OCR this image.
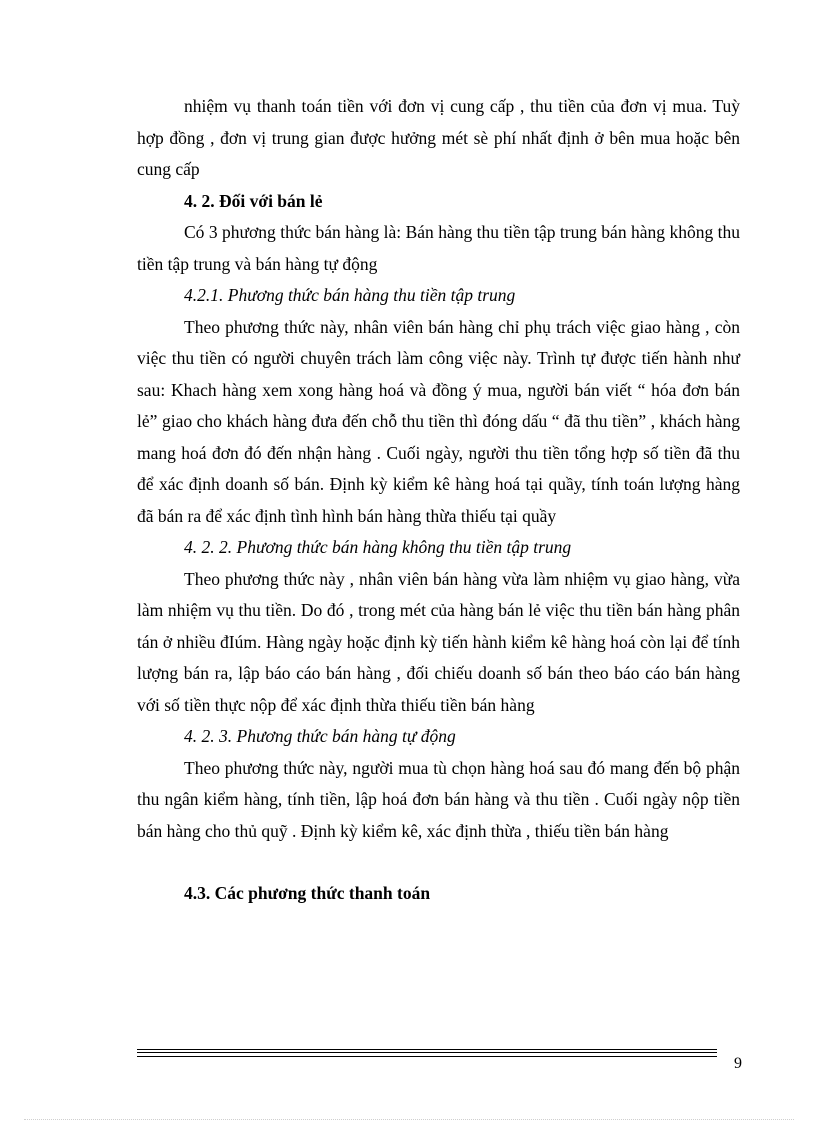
nhiệm vụ thanh toán tiền với đơn vị cung cấp , thu tiền của đơn vị mua. Tuỳ hợp đồng , đơn vị trung gian được hưởng mét sè phí nhất định ở bên mua hoặc bên cung cấp

4. 2. Đối với bán lẻ

Có 3 phương thức bán hàng là: Bán hàng thu tiền tập trung bán hàng không thu tiền tập trung và bán hàng tự động

4.2.1. Phương thức bán hàng thu tiền tập trung

Theo phương thức này, nhân viên bán hàng chỉ phụ trách việc giao hàng , còn việc thu tiền có người chuyên trách làm công việc này. Trình tự được tiến hành như sau: Khach hàng xem xong hàng hoá và đồng ý mua, người bán viết “ hóa đơn bán lẻ” giao cho khách hàng đưa đến chỗ thu tiền thì đóng dấu “ đã thu tiền” , khách hàng mang hoá đơn đó đến nhận hàng . Cuối ngày, người thu tiền tổng hợp số tiền đã thu để xác định doanh số bán. Định kỳ kiểm kê hàng hoá tại quầy, tính toán lượng hàng đã bán ra để xác định tình hình bán hàng thừa thiếu tại quầy

4. 2. 2. Phương thức bán hàng không thu tiền tập trung

Theo phương thức này , nhân viên bán hàng vừa làm nhiệm vụ giao hàng, vừa làm nhiệm vụ thu tiền. Do đó , trong mét của hàng bán lẻ việc thu tiền bán hàng phân tán ở nhiều đIúm. Hàng ngày hoặc định kỳ tiến hành kiểm kê hàng hoá còn lại để tính lượng bán ra, lập báo cáo bán hàng , đối chiếu doanh số bán theo báo cáo bán hàng với số tiền thực nộp để xác định thừa thiếu tiền bán hàng

4. 2. 3. Phương thức bán hàng tự động

Theo phương thức này, người mua tù chọn hàng hoá sau đó mang đến bộ phận thu ngân kiểm hàng, tính tiền, lập hoá đơn bán hàng và thu tiền . Cuối ngày nộp tiền bán hàng cho thủ quỹ . Định kỳ kiểm kê, xác định thừa , thiếu tiền bán hàng

4.3. Các phương thức thanh toán

9
